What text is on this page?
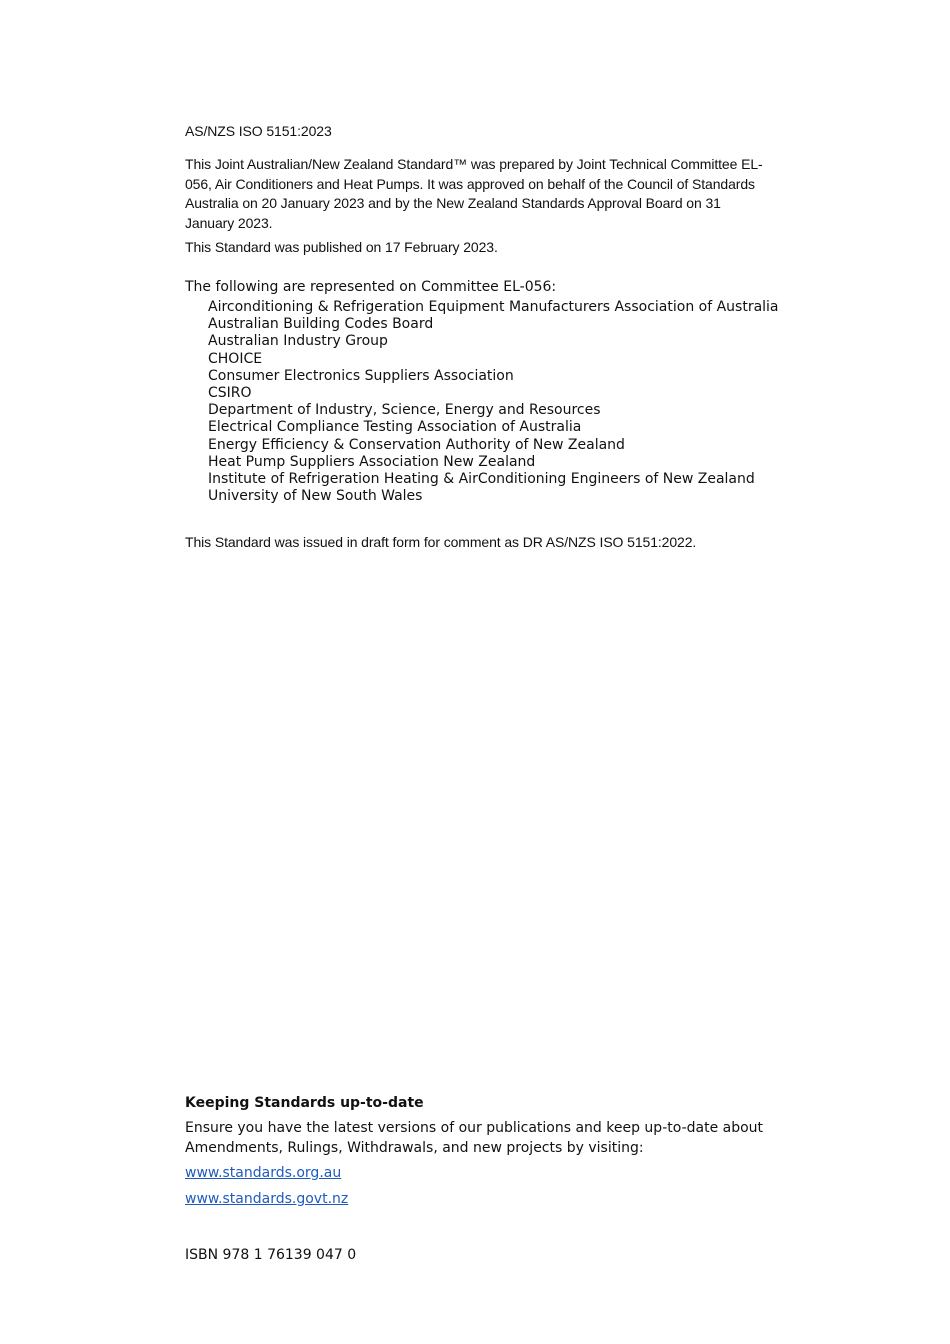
AS/NZS ISO 5151:2023
This Joint Australian/New Zealand Standard™ was prepared by Joint Technical Committee EL-056, Air Conditioners and Heat Pumps. It was approved on behalf of the Council of Standards Australia on 20 January 2023 and by the New Zealand Standards Approval Board on 31 January 2023.
This Standard was published on 17 February 2023.
The following are represented on Committee EL-056:
Airconditioning & Refrigeration Equipment Manufacturers Association of Australia
Australian Building Codes Board
Australian Industry Group
CHOICE
Consumer Electronics Suppliers Association
CSIRO
Department of Industry, Science, Energy and Resources
Electrical Compliance Testing Association of Australia
Energy Efficiency & Conservation Authority of New Zealand
Heat Pump Suppliers Association New Zealand
Institute of Refrigeration Heating & AirConditioning Engineers of New Zealand
University of New South Wales
This Standard was issued in draft form for comment as DR AS/NZS ISO 5151:2022.
Keeping Standards up-to-date
Ensure you have the latest versions of our publications and keep up-to-date about Amendments, Rulings, Withdrawals, and new projects by visiting:
www.standards.org.au
www.standards.govt.nz
ISBN 978 1 76139 047 0
